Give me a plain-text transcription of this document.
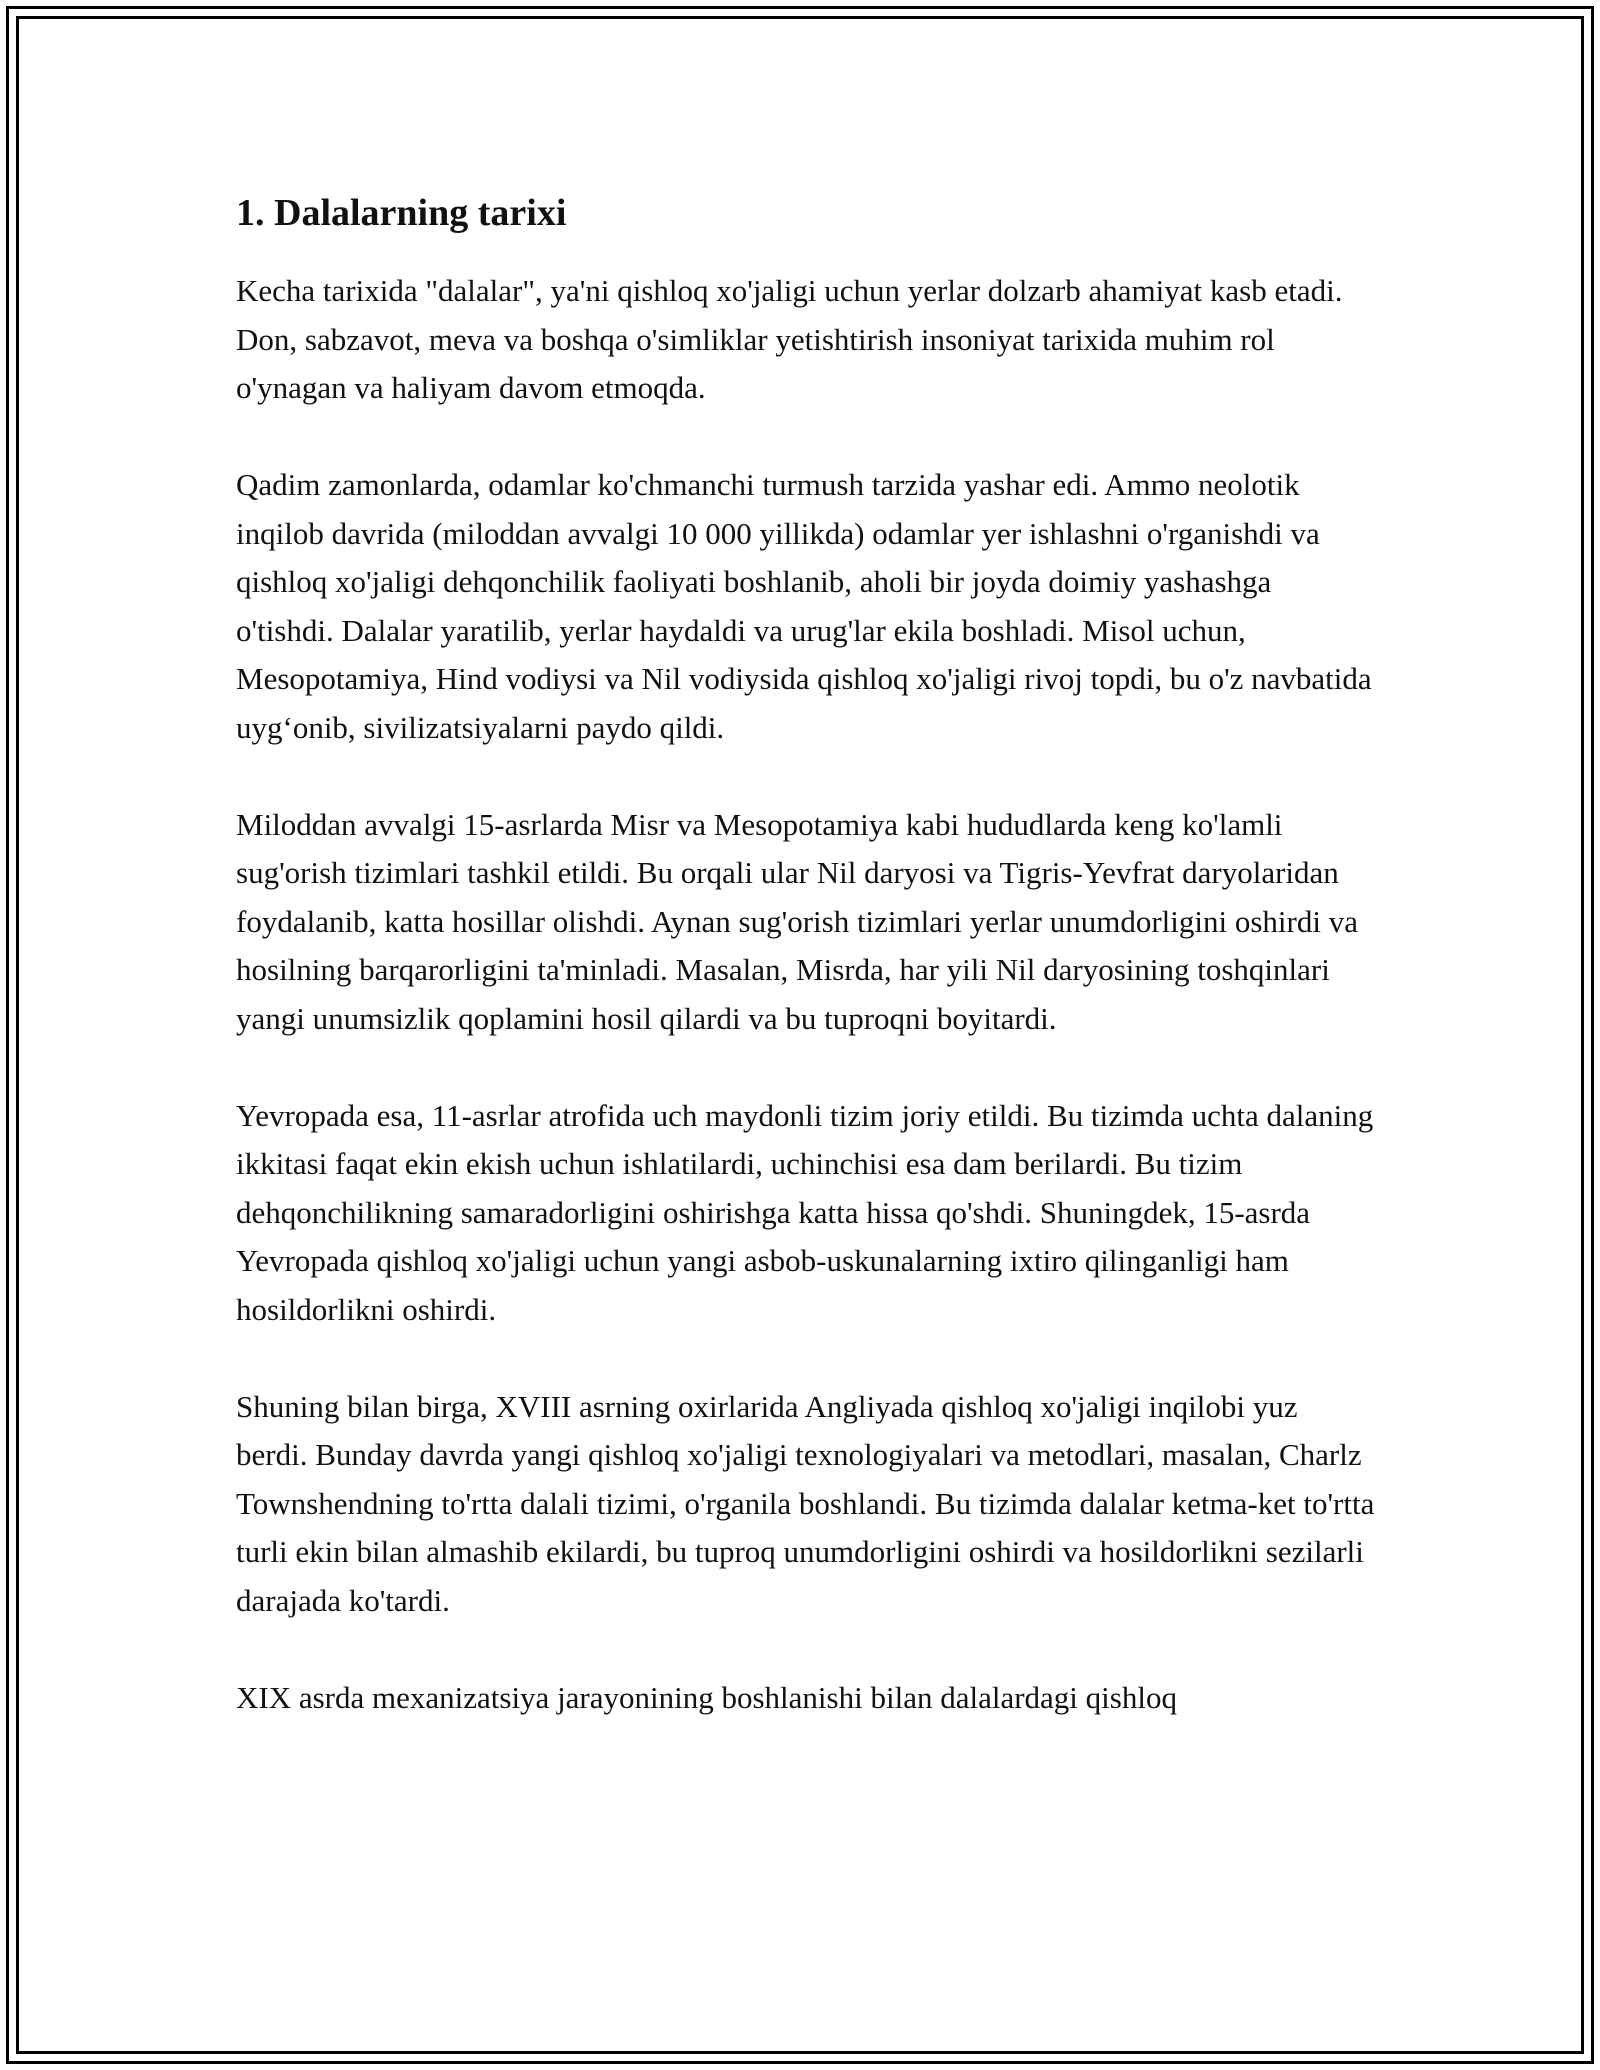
1. Dalalarning tarixi

Kecha tarixida "dalalar", ya'ni qishloq xo'jaligi uchun yerlar dolzarb ahamiyat kasb etadi. Don, sabzavot, meva va boshqa o'simliklar yetishtirish insoniyat tarixida muhim rol o'ynagan va haliyam davom etmoqda.

Qadim zamonlarda, odamlar ko'chmanchi turmush tarzida yashar edi. Ammo neolotik inqilob davrida (miloddan avvalgi 10 000 yillikda) odamlar yer ishlashni o'rganishdi va qishloq xo'jaligi dehqonchilik faoliyati boshlanib, aholi bir joyda doimiy yashashga o'tishdi. Dalalar yaratilib, yerlar haydaldi va urug'lar ekila boshladi. Misol uchun, Mesopotamiya, Hind vodiysi va Nil vodiysida qishloq xo'jaligi rivoj topdi, bu o'z navbatida uyg‘onib, sivilizatsiyalarni paydo qildi.

Miloddan avvalgi 15-asrlarda Misr va Mesopotamiya kabi hududlarda keng ko'lamli sug'orish tizimlari tashkil etildi. Bu orqali ular Nil daryosi va Tigris-Yevfrat daryolaridan foydalanib, katta hosillar olishdi. Aynan sug'orish tizimlari yerlar unumdorligini oshirdi va hosilning barqarorligini ta'minladi. Masalan, Misrda, har yili Nil daryosining toshqinlari yangi unumsizlik qoplamini hosil qilardi va bu tuproqni boyitardi.

Yevropada esa, 11-asrlar atrofida uch maydonli tizim joriy etildi. Bu tizimda uchta dalaning ikkitasi faqat ekin ekish uchun ishlatilardi, uchinchisi esa dam berilardi. Bu tizim dehqonchilikning samaradorligini oshirishga katta hissa qo'shdi. Shuningdek, 15-asrda Yevropada qishloq xo'jaligi uchun yangi asbob-uskunalarning ixtiro qilinganligi ham hosildorlikni oshirdi.

Shuning bilan birga, XVIII asrning oxirlarida Angliyada qishloq xo'jaligi inqilobi yuz berdi. Bunday davrda yangi qishloq xo'jaligi texnologiyalari va metodlari, masalan, Charlz Townshendning to'rtta dalali tizimi, o'rganila boshlandi. Bu tizimda dalalar ketma-ket to'rtta turli ekin bilan almashib ekilardi, bu tuproq unumdorligini oshirdi va hosildorlikni sezilarli darajada ko'tardi.

XIX asrda mexanizatsiya jarayonining boshlanishi bilan dalalardagi qishloq
